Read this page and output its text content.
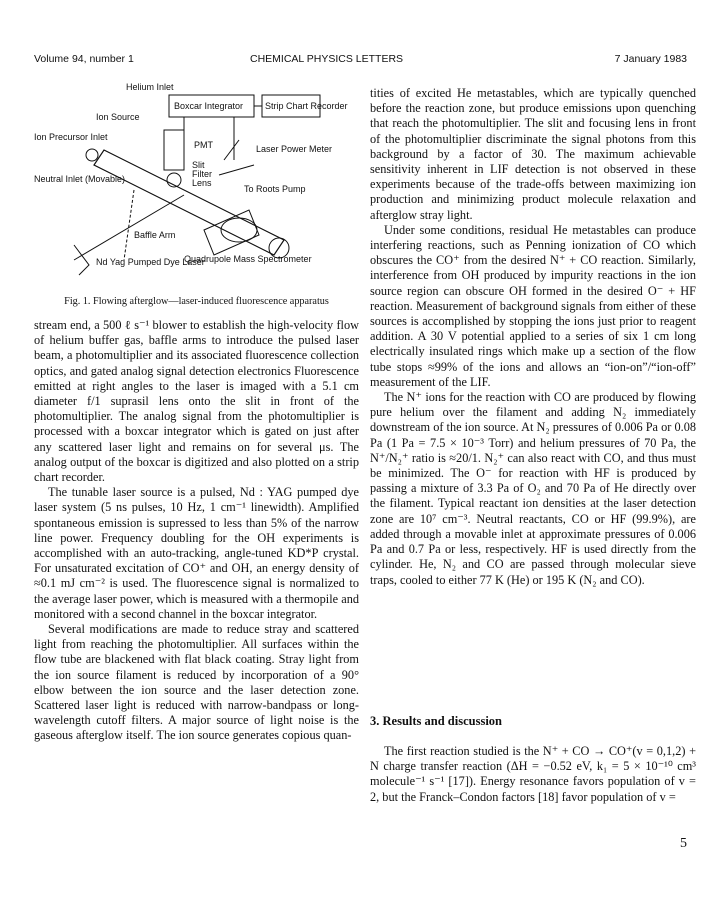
Volume 94, number 1	CHEMICAL PHYSICS LETTERS	7 January 1983
Helium Inlet
Ion Source
Ion Precursor Inlet
Neutral Inlet (Movable)
Boxcar Integrator Strip Chart Recorder
PMT
Slit
Filter
Lens
Laser Power Meter
To Roots Pump
Baffle Arm
Nd Yag Pumped Dye Laser
Quadrupole Mass Spectrometer
Fig. 1. Flowing afterglow—laser-induced fluorescence apparatus

stream end, a 500 ℓ s⁻¹ blower to establish the high-velocity flow of helium buffer gas, baffle arms to introduce the pulsed laser beam, a photomultiplier and its associated fluorescence collection optics, and gated analog signal detection electronics Fluorescence emitted at right angles to the laser is imaged with a 5.1 cm diameter f/1 suprasil lens onto the slit in front of the photomultiplier. The analog signal from the photomultiplier is processed with a boxcar integrator which is gated on just after any scattered laser light and remains on for several μs. The analog output of the boxcar is digitized and also plotted on a strip chart recorder.

The tunable laser source is a pulsed, Nd : YAG pumped dye laser system (5 ns pulses, 10 Hz, 1 cm⁻¹ linewidth). Amplified spontaneous emission is supressed to less than 5% of the narrow line power. Frequency doubling for the OH experiments is accomplished with an auto-tracking, angle-tuned KD*P crystal. For unsaturated excitation of CO⁺ and OH, an energy density of ≈0.1 mJ cm⁻² is used. The fluorescence signal is normalized to the average laser power, which is measured with a thermopile and monitored with a second channel in the boxcar integrator.

Several modifications are made to reduce stray and scattered light from reaching the photomultiplier. All surfaces within the flow tube are blackened with flat black coating. Stray light from the ion source filament is reduced by incorporation of a 90° elbow between the ion source and the laser detection zone. Scattered laser light is reduced with narrow-bandpass or long-wavelength cutoff filters. A major source of light noise is the gaseous afterglow itself. The ion source generates copious quan-

tities of excited He metastables, which are typically quenched before the reaction zone, but produce emissions upon quenching that reach the photomultiplier. The slit and focusing lens in front of the photomultiplier discriminate the signal photons from this background by a factor of 30. The maximum achievable sensitivity inherent in LIF detection is not observed in these experiments because of the trade-offs between maximizing ion production and minimizing product molecule relaxation and afterglow stray light.

Under some conditions, residual He metastables can produce interfering reactions, such as Penning ionization of CO which obscures the CO⁺ from the desired N⁺ + CO reaction. Similarly, interference from OH produced by impurity reactions in the ion source region can obscure OH formed in the desired O⁻ + HF reaction. Measurement of background signals from either of these sources is accomplished by stopping the ions just prior to reagent addition. A 30 V potential applied to a series of six 1 cm long electrically insulated rings which make up a section of the flow tube stops ≈99% of the ions and allows an “ion-on”/“ion-off” measurement of the LIF.

The N⁺ ions for the reaction with CO are produced by flowing pure helium over the filament and adding N₂ immediately downstream of the ion source. At N₂ pressures of 0.006 Pa or 0.08 Pa (1 Pa = 7.5 × 10⁻³ Torr) and helium pressures of 70 Pa, the N⁺/N₂⁺ ratio is ≈20/1. N₂⁺ can also react with CO, and thus must be minimized. The O⁻ for reaction with HF is produced by passing a mixture of 3.3 Pa of O₂ and 70 Pa of He directly over the filament. Typical reactant ion densities at the laser detection zone are 10⁷ cm⁻³. Neutral reactants, CO or HF (99.9%), are added through a movable inlet at approximate pressures of 0.006 Pa and 0.7 Pa or less, respectively. HF is used directly from the cylinder. He, N₂ and CO are passed through molecular sieve traps, cooled to either 77 K (He) or 195 K (N₂ and CO).

3. Results and discussion

The first reaction studied is the N⁺ + CO → CO⁺(v = 0,1,2) + N charge transfer reaction (ΔH = −0.52 eV, k₁ = 5 × 10⁻¹⁰ cm³ molecule⁻¹ s⁻¹ [17]). Energy resonance favors population of v = 2, but the Franck–Condon factors [18] favor population of v =

5
